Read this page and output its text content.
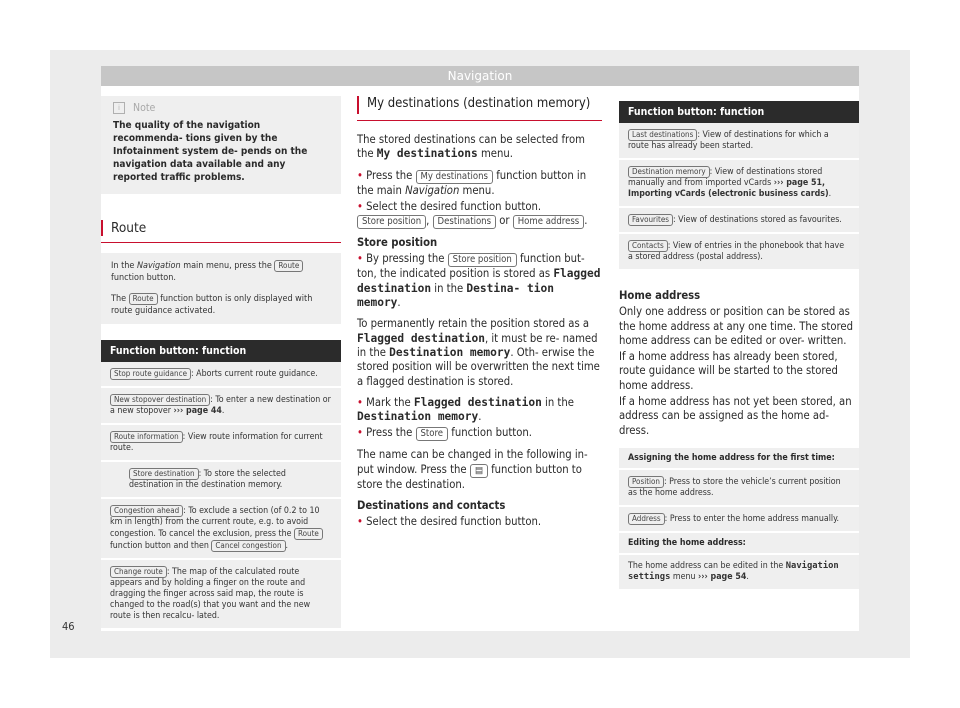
Navigation
i	Note
The quality of the navigation recommenda- tions given by the Infotainment system de- pends on the navigation data available and any reported traffic problems.
Route
In the Navigation main menu, press the Route function button.
The Route function button is only displayed with route guidance activated.
Function button: function
Stop route guidance : Aborts current route guidance.
New stopover destination : To enter a new destination or a new stopover ››› page 44.
Route information : View route information for current route.
Store destination : To store the selected destination in the destination memory.
Congestion ahead : To exclude a section (of 0.2 to 10 km in length) from the current route, e.g. to avoid congestion. To cancel the exclusion, press the Route function button and then Cancel congestion .
Change route : The map of the calculated route appears and by holding a finger on the route and dragging the finger across said map, the route is changed to the road(s) that you want and the new route is then recalcu- lated.
My destinations (destination memory)

The stored destinations can be selected from the My destinations menu.

• Press the My destinations function button in the main Navigation menu.

• Select the desired function button. Store position , Destinations or Home address .

Store position

• By pressing the Store position function but- ton, the indicated position is stored as Flagged destination in the Destina- tion memory.

To permanently retain the position stored as a Flagged destination, it must be re- named in the Destination memory. Oth- erwise the stored position will be overwritten the next time a flagged destination is stored.

• Mark the Flagged destination in the Destination memory.

• Press the Store function button.

The name can be changed in the following in- put window. Press the ▤ function button to store the destination.

Destinations and contacts

• Select the desired function button.

Function button: function
Last destinations : View of destinations for which a route has already been started.
Destination memory : View of destinations stored manually and from imported vCards ››› page 51, Importing vCards (electronic business cards).
Favourites : View of destinations stored as favourites.
Contacts : View of entries in the phonebook that have a stored address (postal address).

Home address

Only one address or position can be stored as the home address at any one time. The stored home address can be edited or over- written.

If a home address has already been stored, route guidance will be started to the stored home address.

If a home address has not yet been stored, an address can be assigned as the home ad- dress.

Assigning the home address for the first time:
Position : Press to store the vehicle’s current position as the home address.
Address : Press to enter the home address manually.
Editing the home address:
The home address can be edited in the Navigation settings menu ››› page 54.
46
